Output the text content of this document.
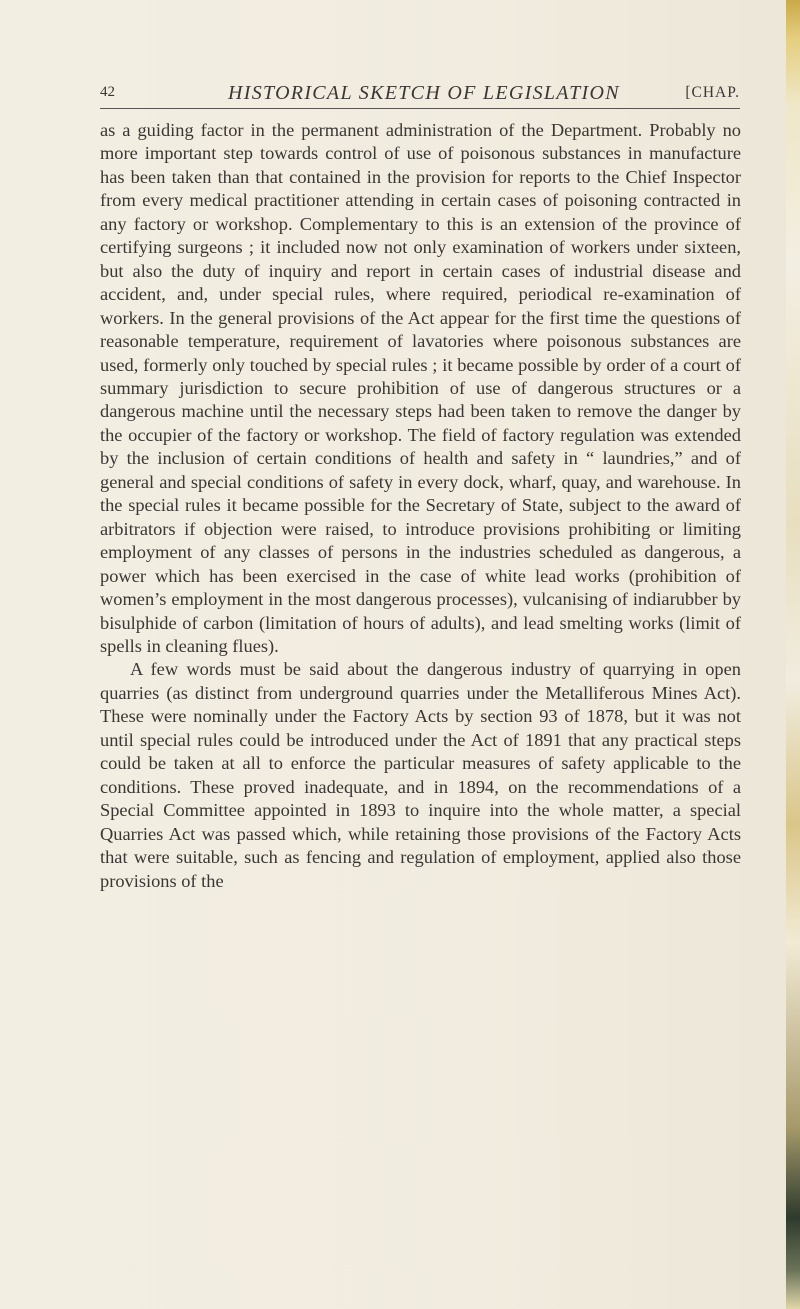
42	HISTORICAL SKETCH OF LEGISLATION	[CHAP.

as a guiding factor in the permanent administration of the Department. Probably no more important step towards control of use of poisonous substances in manufacture has been taken than that contained in the provision for reports to the Chief Inspector from every medical practitioner attending in certain cases of poisoning contracted in any factory or workshop. Complementary to this is an extension of the province of certifying surgeons ; it included now not only examination of workers under sixteen, but also the duty of inquiry and report in certain cases of industrial disease and accident, and, under special rules, where required, periodical re-examination of workers. In the general provisions of the Act appear for the first time the questions of reasonable temperature, requirement of lavatories where poisonous substances are used, formerly only touched by special rules ; it became possible by order of a court of summary jurisdiction to secure prohibition of use of dangerous structures or a dangerous machine until the necessary steps had been taken to remove the danger by the occupier of the factory or workshop. The field of factory regulation was extended by the inclusion of certain conditions of health and safety in “ laundries,” and of general and special conditions of safety in every dock, wharf, quay, and warehouse. In the special rules it became possible for the Secretary of State, subject to the award of arbitrators if objection were raised, to introduce provisions prohibiting or limiting employment of any classes of persons in the industries scheduled as dangerous, a power which has been exercised in the case of white lead works (prohibition of women’s employment in the most dangerous processes), vulcanising of indiarubber by bisulphide of carbon (limitation of hours of adults), and lead smelting works (limit of spells in cleaning flues).

A few words must be said about the dangerous industry of quarrying in open quarries (as distinct from underground quarries under the Metalliferous Mines Act). These were nominally under the Factory Acts by section 93 of 1878, but it was not until special rules could be introduced under the Act of 1891 that any practical steps could be taken at all to enforce the particular measures of safety applicable to the conditions. These proved inadequate, and in 1894, on the recommendations of a Special Committee appointed in 1893 to inquire into the whole matter, a special Quarries Act was passed which, while retaining those provisions of the Factory Acts that were suitable, such as fencing and regulation of employment, applied also those provisions of the
